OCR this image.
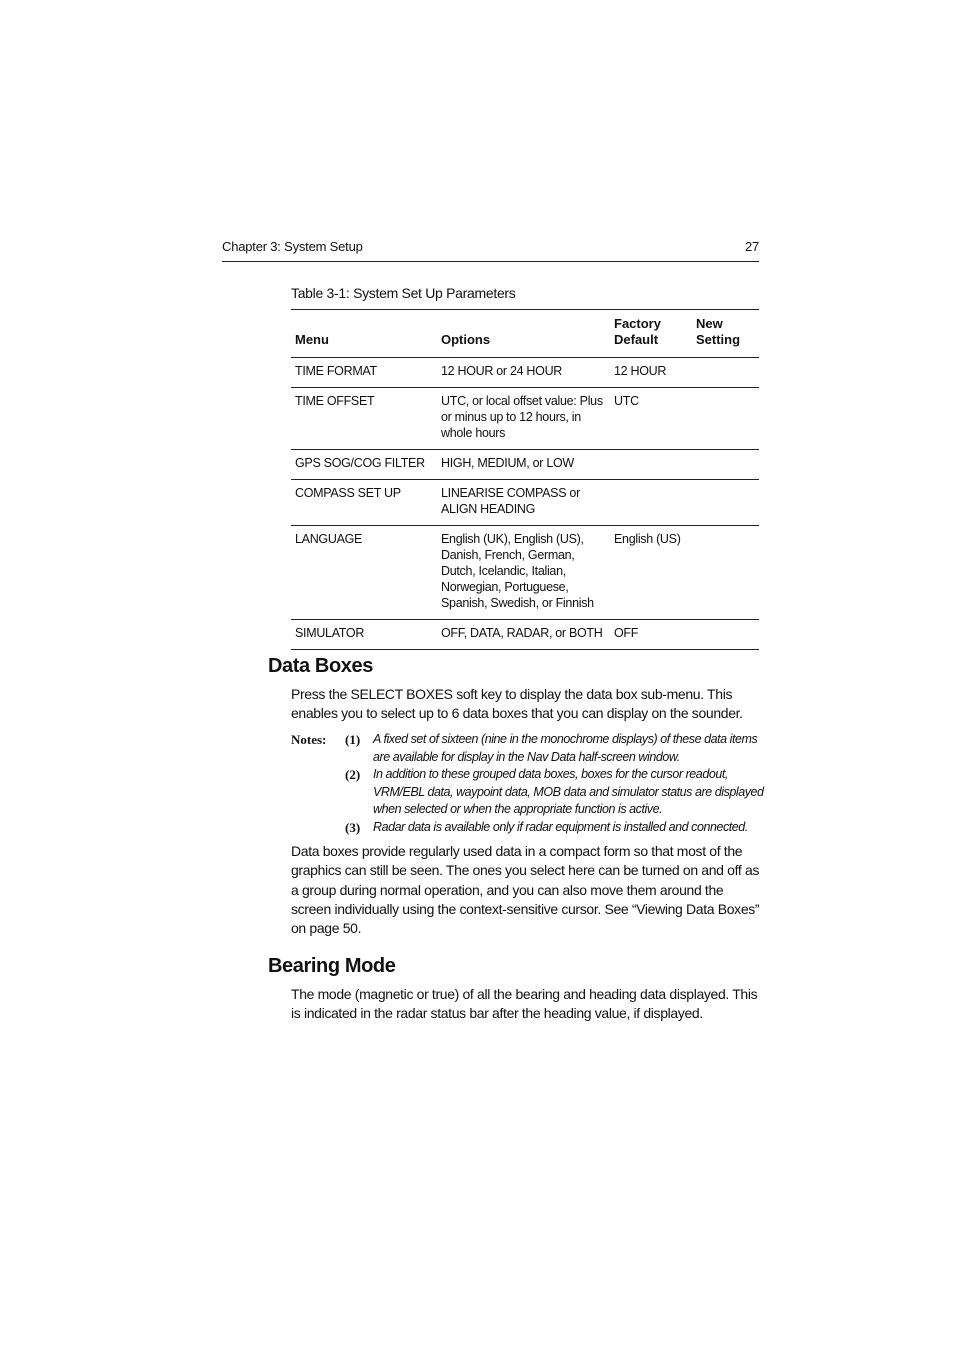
Chapter 3: System Setup	27
Table 3-1: System Set Up Parameters
Menu	Options	Factory Default	New Setting
TIME FORMAT	12 HOUR or 24 HOUR	12 HOUR	
TIME OFFSET	UTC, or local offset value: Plus or minus up to 12 hours, in whole hours	UTC	
GPS SOG/COG FILTER	HIGH, MEDIUM, or LOW		
COMPASS SET UP	LINEARISE COMPASS or ALIGN HEADING		
LANGUAGE	English (UK), English (US), Danish, French, German, Dutch, Icelandic, Italian, Norwegian, Portuguese, Spanish, Swedish, or Finnish	English (US)	
SIMULATOR	OFF, DATA, RADAR, or BOTH	OFF	
Data Boxes

Press the SELECT BOXES soft key to display the data box sub-menu. This enables you to select up to 6 data boxes that you can display on the sounder.

Notes: (1) A fixed set of sixteen (nine in the monochrome displays) of these data items are available for display in the Nav Data half-screen window.
(2) In addition to these grouped data boxes, boxes for the cursor readout, VRM/EBL data, waypoint data, MOB data and simulator status are displayed when selected or when the appropriate function is active.
(3) Radar data is available only if radar equipment is installed and connected.

Data boxes provide regularly used data in a compact form so that most of the graphics can still be seen. The ones you select here can be turned on and off as a group during normal operation, and you can also move them around the screen individually using the context-sensitive cursor. See “Viewing Data Boxes” on page 50.

Bearing Mode

The mode (magnetic or true) of all the bearing and heading data displayed. This is indicated in the radar status bar after the heading value, if displayed.
